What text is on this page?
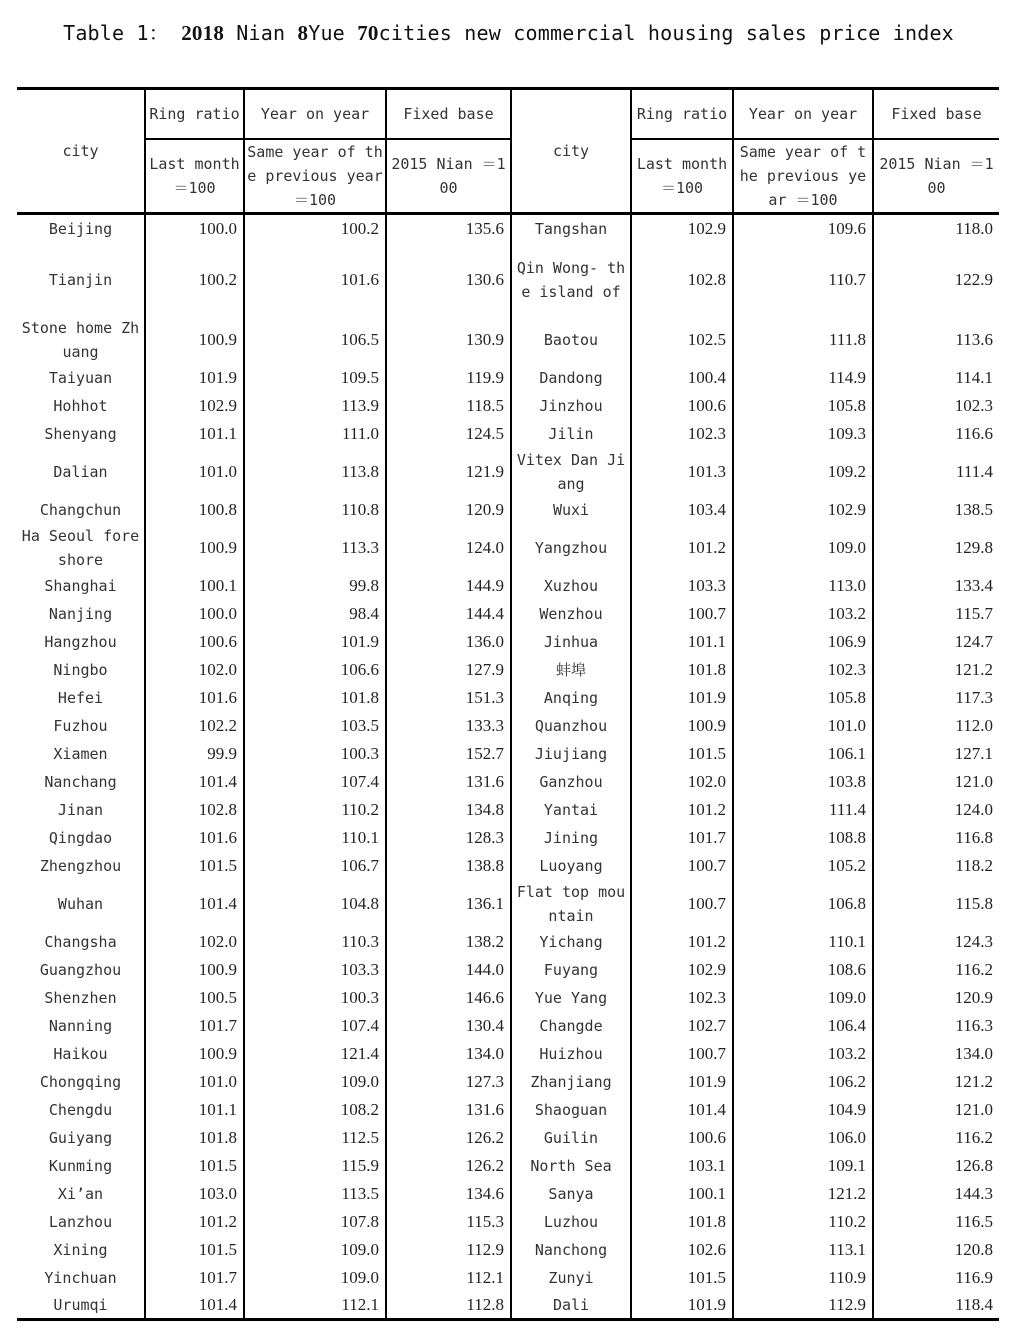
Table 1： 2018 Nian 8Yue 70cities new commercial housing sales price index
city	Ring ratio	Year on year	Fixed base	city	Ring ratio	Year on year	Fixed base
	Last month ＝100	Same year of the previous year ＝100	2015 Nian ＝100		Last month ＝100	Same year of the previous year ＝100	2015 Nian ＝100
Beijing	100.0	100.2	135.6	Tangshan	102.9	109.6	118.0
Tianjin	100.2	101.6	130.6	Qin Wong- the island of	102.8	110.7	122.9
Stone home Zhuang	100.9	106.5	130.9	Baotou	102.5	111.8	113.6
Taiyuan	101.9	109.5	119.9	Dandong	100.4	114.9	114.1
Hohhot	102.9	113.9	118.5	Jinzhou	100.6	105.8	102.3
Shenyang	101.1	111.0	124.5	Jilin	102.3	109.3	116.6
Dalian	101.0	113.8	121.9	Vitex Dan Jiang	101.3	109.2	111.4
Changchun	100.8	110.8	120.9	Wuxi	103.4	102.9	138.5
Ha Seoul foreshore	100.9	113.3	124.0	Yangzhou	101.2	109.0	129.8
Shanghai	100.1	99.8	144.9	Xuzhou	103.3	113.0	133.4
Nanjing	100.0	98.4	144.4	Wenzhou	100.7	103.2	115.7
Hangzhou	100.6	101.9	136.0	Jinhua	101.1	106.9	124.7
Ningbo	102.0	106.6	127.9	蚌埠	101.8	102.3	121.2
Hefei	101.6	101.8	151.3	Anqing	101.9	105.8	117.3
Fuzhou	102.2	103.5	133.3	Quanzhou	100.9	101.0	112.0
Xiamen	99.9	100.3	152.7	Jiujiang	101.5	106.1	127.1
Nanchang	101.4	107.4	131.6	Ganzhou	102.0	103.8	121.0
Jinan	102.8	110.2	134.8	Yantai	101.2	111.4	124.0
Qingdao	101.6	110.1	128.3	Jining	101.7	108.8	116.8
Zhengzhou	101.5	106.7	138.8	Luoyang	100.7	105.2	118.2
Wuhan	101.4	104.8	136.1	Flat top mountain	100.7	106.8	115.8
Changsha	102.0	110.3	138.2	Yichang	101.2	110.1	124.3
Guangzhou	100.9	103.3	144.0	Fuyang	102.9	108.6	116.2
Shenzhen	100.5	100.3	146.6	Yue Yang	102.3	109.0	120.9
Nanning	101.7	107.4	130.4	Changde	102.7	106.4	116.3
Haikou	100.9	121.4	134.0	Huizhou	100.7	103.2	134.0
Chongqing	101.0	109.0	127.3	Zhanjiang	101.9	106.2	121.2
Chengdu	101.1	108.2	131.6	Shaoguan	101.4	104.9	121.0
Guiyang	101.8	112.5	126.2	Guilin	100.6	106.0	116.2
Kunming	101.5	115.9	126.2	North Sea	103.1	109.1	126.8
Xi’an	103.0	113.5	134.6	Sanya	100.1	121.2	144.3
Lanzhou	101.2	107.8	115.3	Luzhou	101.8	110.2	116.5
Xining	101.5	109.0	112.9	Nanchong	102.6	113.1	120.8
Yinchuan	101.7	109.0	112.1	Zunyi	101.5	110.9	116.9
Urumqi	101.4	112.1	112.8	Dali	101.9	112.9	118.4
